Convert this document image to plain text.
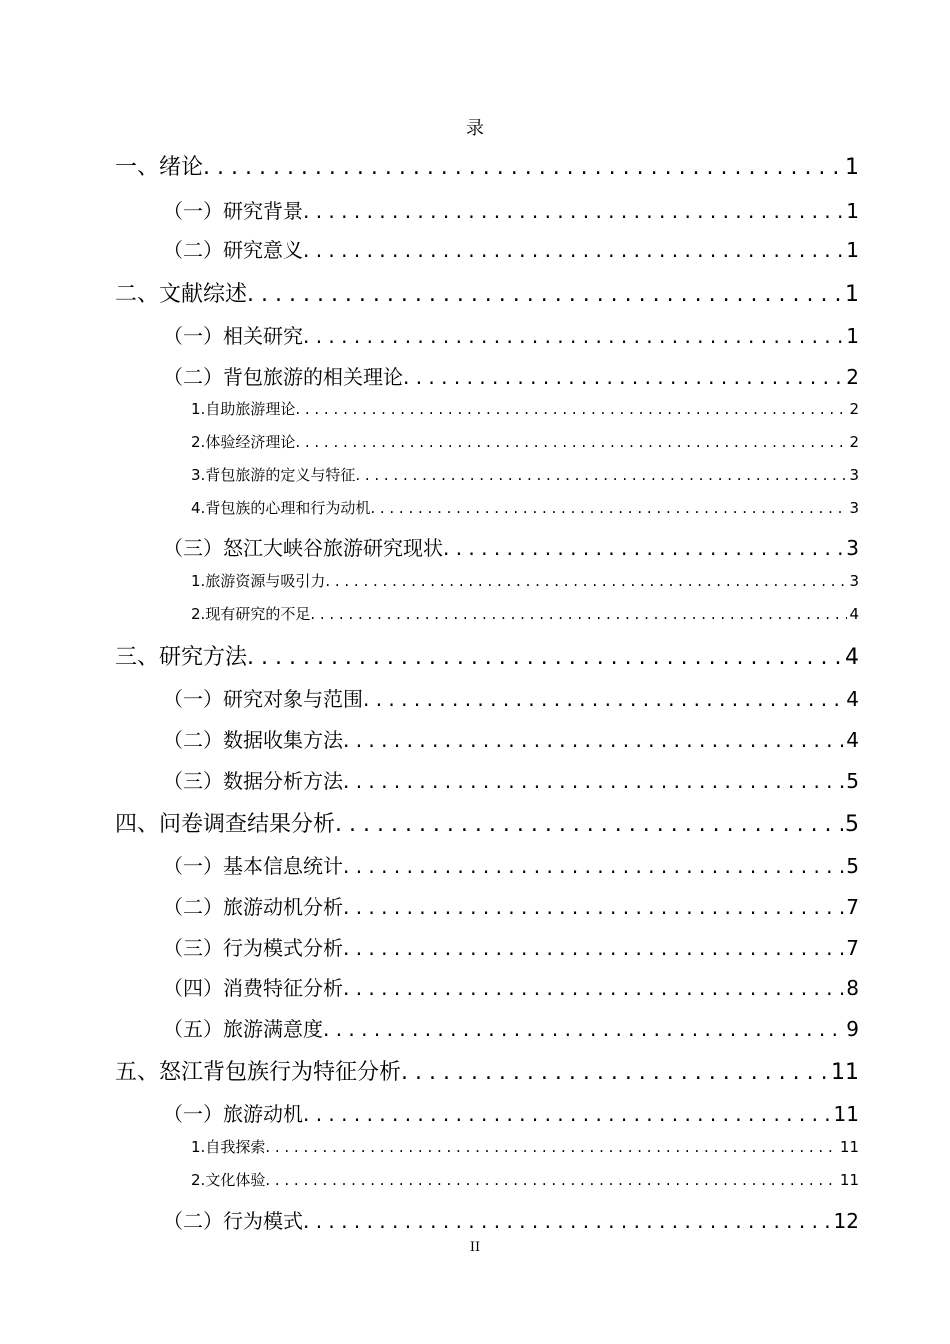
录
一、 绪论 . . .	1
（一） 研究背景 . . .	1
（二） 研究意义 . . .	1
二、 文献综述 . . .	1
（一） 相关研究 . . .	1
（二） 背包旅游的相关理论 . . .	2
1. 自助旅游理论 . . .	2
2. 体验经济理论 . . .	2
3. 背包旅游的定义与特征 . . .	3
4. 背包族的心理和行为动机 . . .	3
（三） 怒江大峡谷旅游研究现状 . . .	3
1. 旅游资源与吸引力 . . .	3
2. 现有研究的不足 . . .	4
三、 研究方法 . . .	4
（一） 研究对象与范围 . . .	4
（二） 数据收集方法 . . .	4
（三） 数据分析方法 . . .	5
四、 问卷调查结果分析 . . .	5
（一） 基本信息统计 . . .	5
（二） 旅游动机分析 . . .	7
（三） 行为模式分析 . . .	7
（四） 消费特征分析 . . .	8
（五） 旅游满意度 . . .	9
五、 怒江背包族行为特征分析 . . .	11
（一） 旅游动机 . . .	11
1. 自我探索 . . .	11
2. 文化体验 . . .	11
（二） 行为模式 . . .	12
II
